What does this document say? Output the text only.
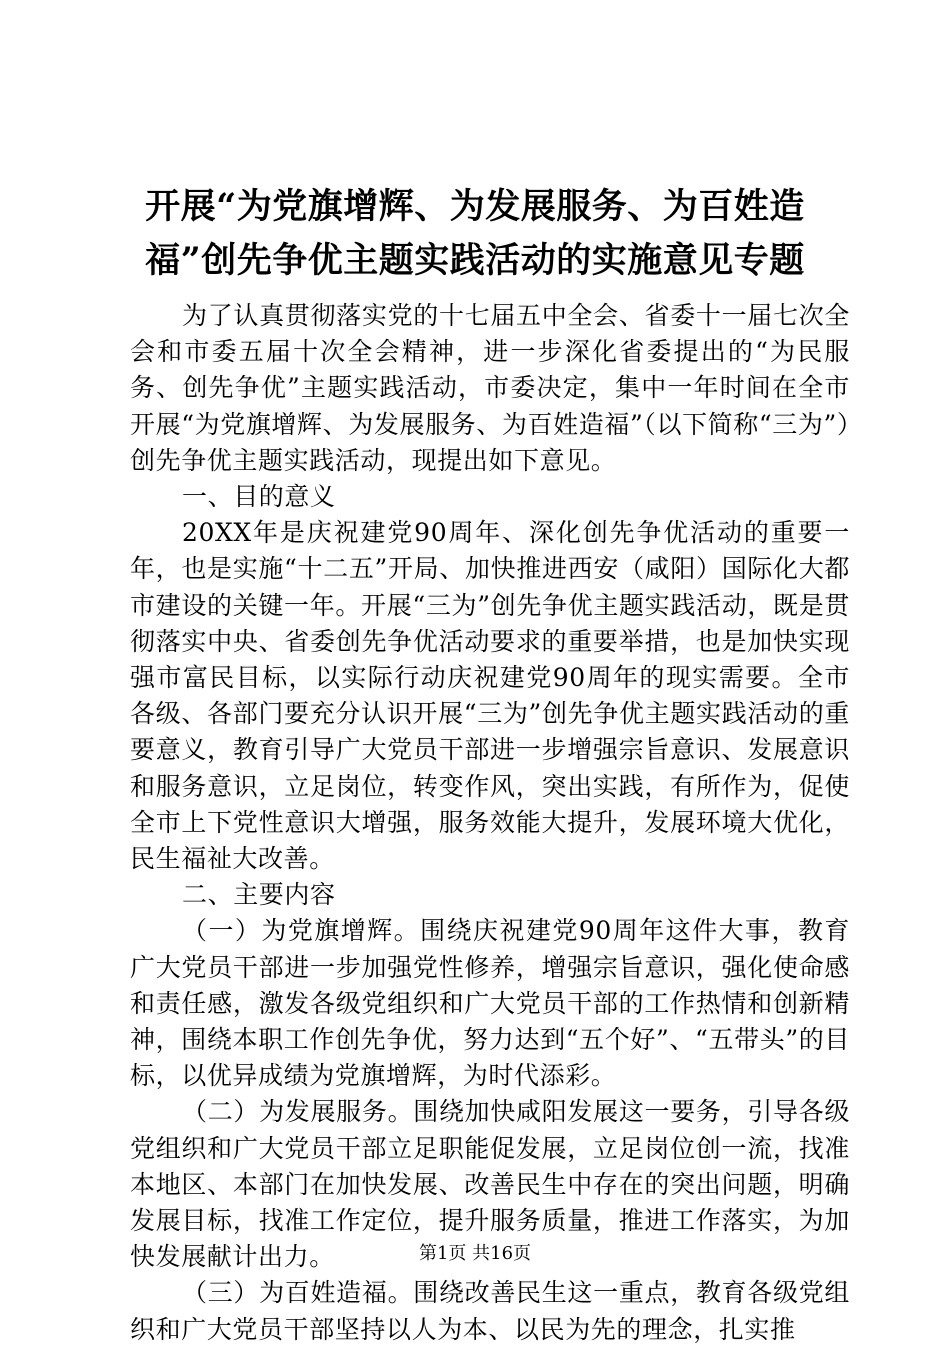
开展“为党旗增辉、为发展服务、为百姓造
福”创先争优主题实践活动的实施意见专题

为了认真贯彻落实党的十七届五中全会、省委十一届七次全会和市委五届十次全会精神，进一步深化省委提出的“为民服务、创先争优”主题实践活动，市委决定，集中一年时间在全市开展“为党旗增辉、为发展服务、为百姓造福”（以下简称“三为”）创先争优主题实践活动，现提出如下意见。

一、目的意义

20XX年是庆祝建党90周年、深化创先争优活动的重要一年，也是实施“十二五”开局、加快推进西安（咸阳）国际化大都市建设的关键一年。开展“三为”创先争优主题实践活动，既是贯彻落实中央、省委创先争优活动要求的重要举措，也是加快实现强市富民目标，以实际行动庆祝建党90周年的现实需要。全市各级、各部门要充分认识开展“三为”创先争优主题实践活动的重要意义，教育引导广大党员干部进一步增强宗旨意识、发展意识和服务意识，立足岗位，转变作风，突出实践，有所作为，促使全市上下党性意识大增强，服务效能大提升，发展环境大优化，民生福祉大改善。

二、主要内容

（一）为党旗增辉。围绕庆祝建党90周年这件大事，教育广大党员干部进一步加强党性修养，增强宗旨意识，强化使命感和责任感，激发各级党组织和广大党员干部的工作热情和创新精神，围绕本职工作创先争优，努力达到“五个好”、“五带头”的目标，以优异成绩为党旗增辉，为时代添彩。

（二）为发展服务。围绕加快咸阳发展这一要务，引导各级党组织和广大党员干部立足职能促发展，立足岗位创一流，找准本地区、本部门在加快发展、改善民生中存在的突出问题，明确发展目标，找准工作定位，提升服务质量，推进工作落实，为加快发展献计出力。

（三）为百姓造福。围绕改善民生这一重点，教育各级党组织和广大党员干部坚持以人为本、以民为先的理念，扎实推

第1页 共16页
